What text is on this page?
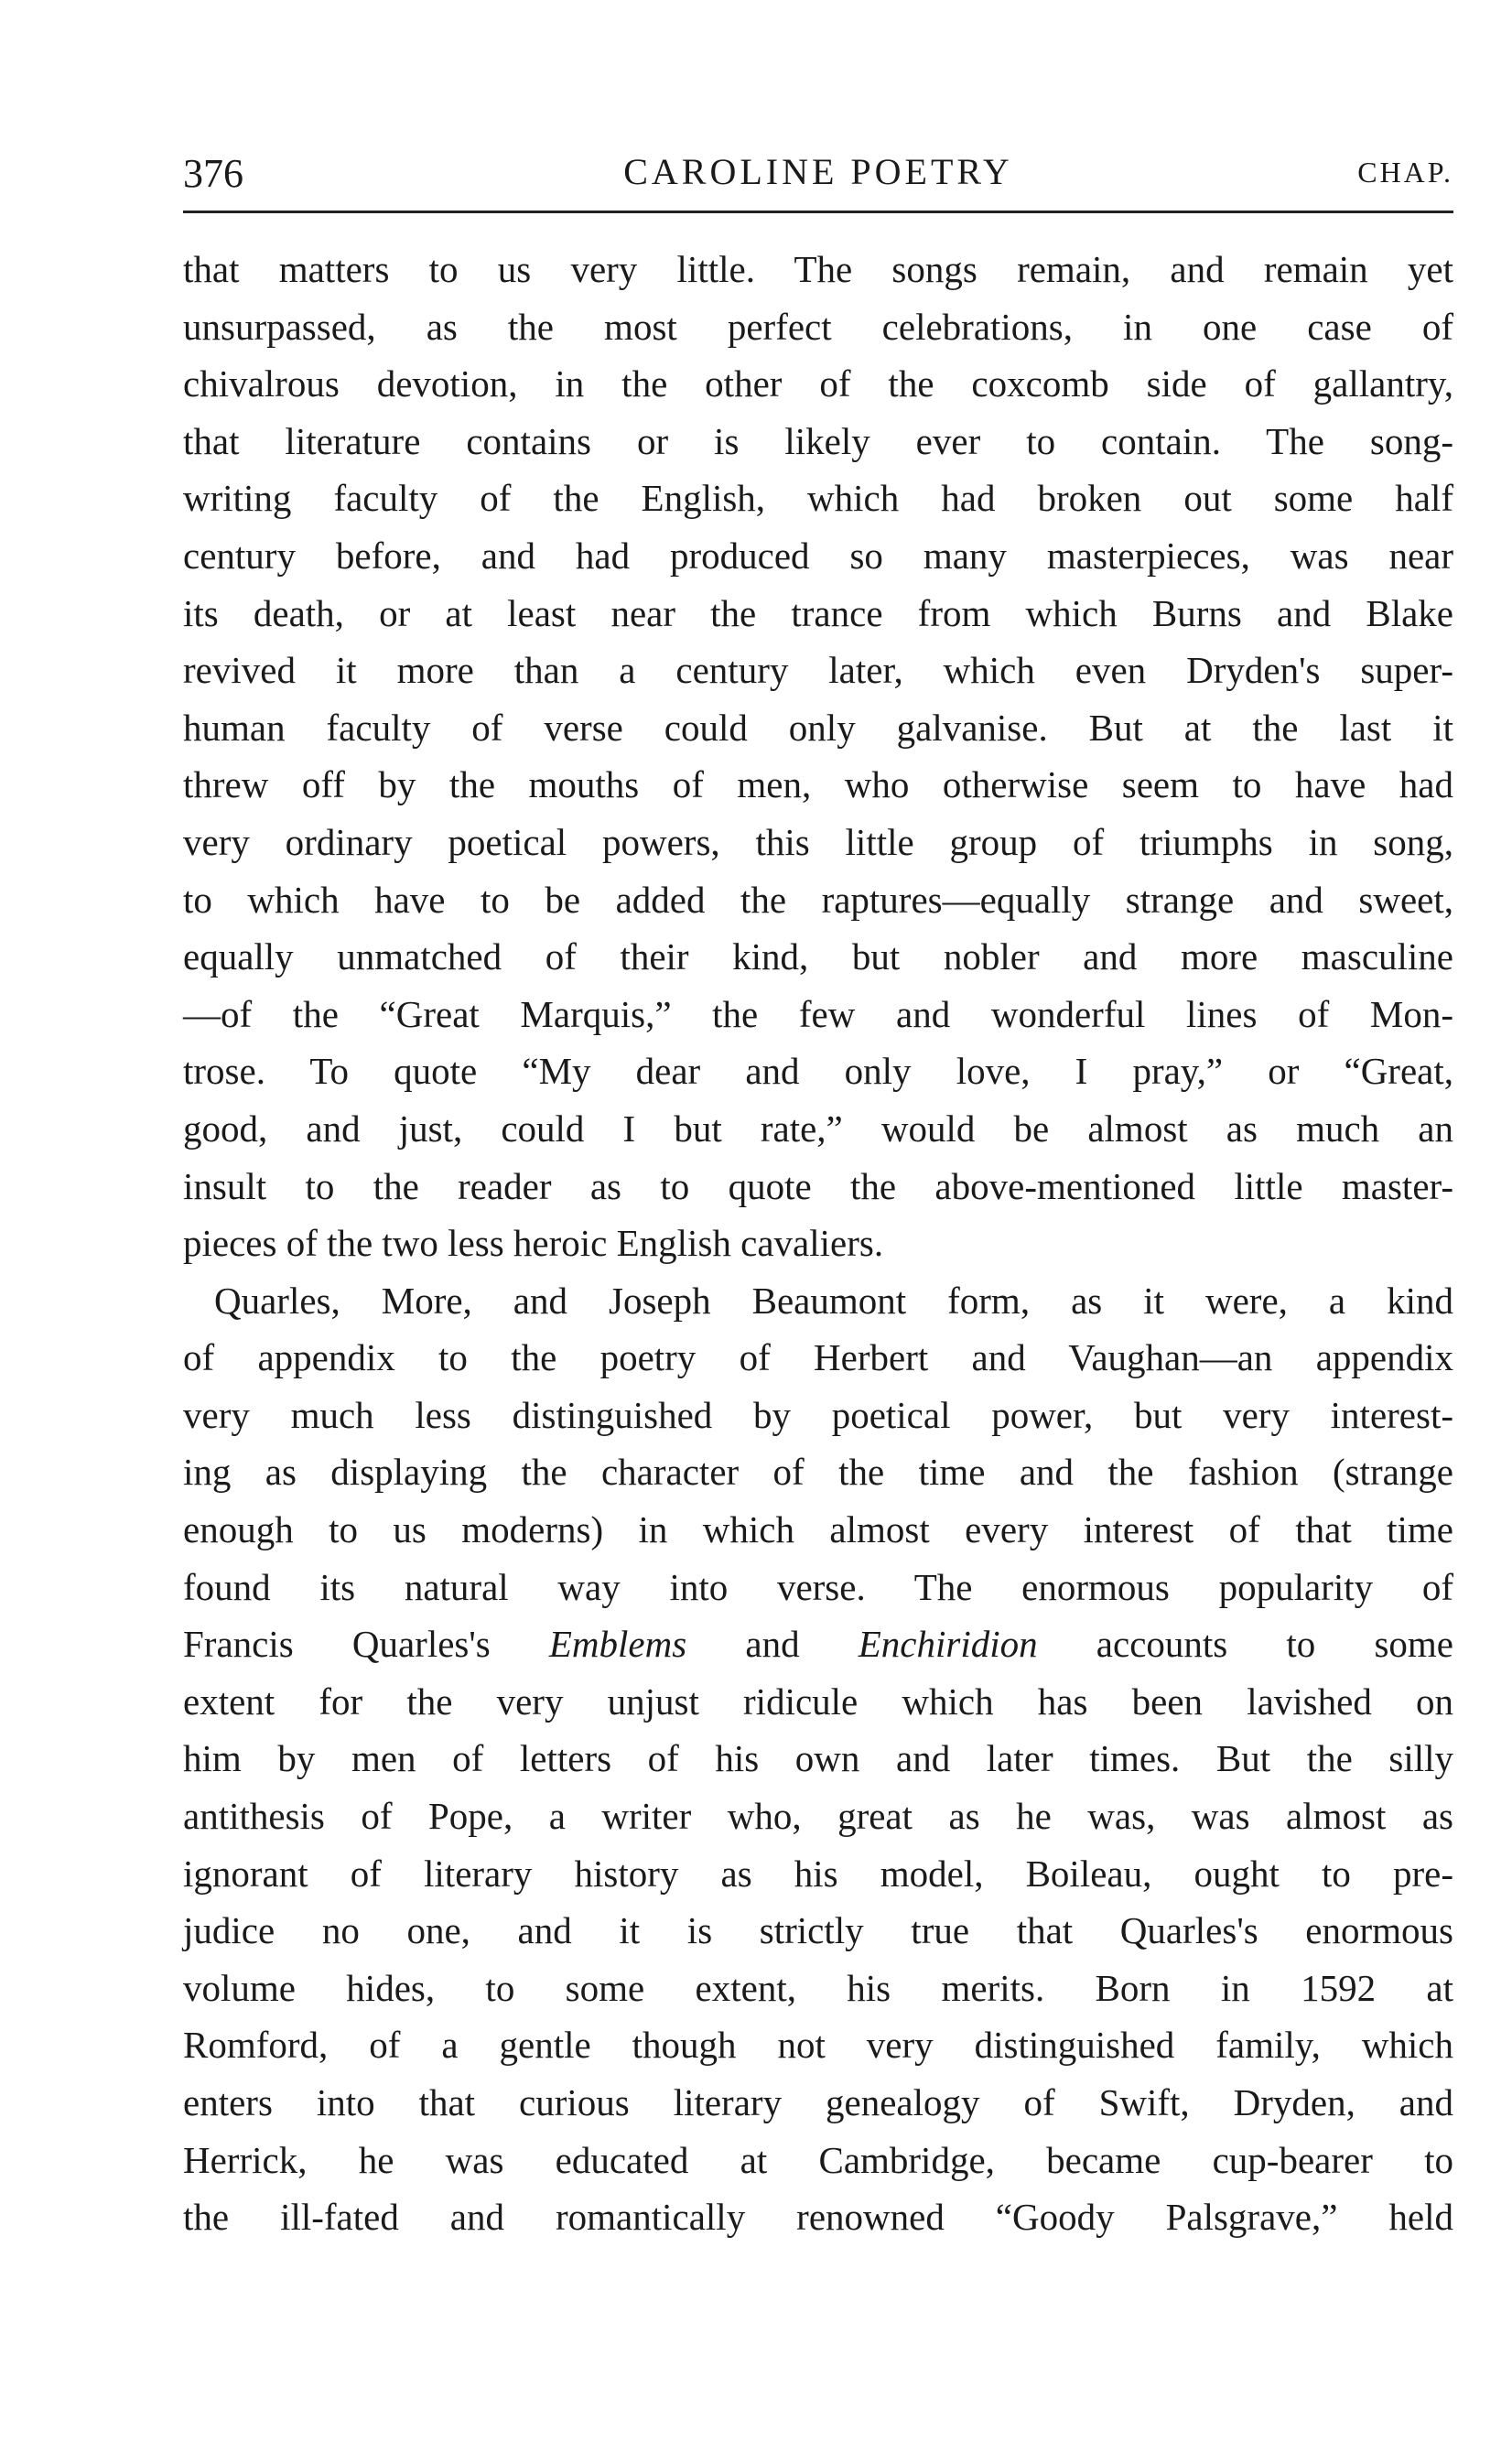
376	CAROLINE POETRY	CHAP.
that matters to us very little. The songs remain, and remain yet
unsurpassed, as the most perfect celebrations, in one case of
chivalrous devotion, in the other of the coxcomb side of gallantry,
that literature contains or is likely ever to contain. The song-
writing faculty of the English, which had broken out some half
century before, and had produced so many masterpieces, was near
its death, or at least near the trance from which Burns and Blake
revived it more than a century later, which even Dryden's super-
human faculty of verse could only galvanise. But at the last it
threw off by the mouths of men, who otherwise seem to have had
very ordinary poetical powers, this little group of triumphs in song,
to which have to be added the raptures—equally strange and sweet,
equally unmatched of their kind, but nobler and more masculine
—of the “Great Marquis,” the few and wonderful lines of Mon-
trose. To quote “My dear and only love, I pray,” or “Great,
good, and just, could I but rate,” would be almost as much an
insult to the reader as to quote the above-mentioned little master-
pieces of the two less heroic English cavaliers.
Quarles, More, and Joseph Beaumont form, as it were, a kind
of appendix to the poetry of Herbert and Vaughan—an appendix
very much less distinguished by poetical power, but very interest-
ing as displaying the character of the time and the fashion (strange
enough to us moderns) in which almost every interest of that time
found its natural way into verse. The enormous popularity of
Francis Quarles's Emblems and Enchiridion accounts to some
extent for the very unjust ridicule which has been lavished on
him by men of letters of his own and later times. But the silly
antithesis of Pope, a writer who, great as he was, was almost as
ignorant of literary history as his model, Boileau, ought to pre-
judice no one, and it is strictly true that Quarles's enormous
volume hides, to some extent, his merits. Born in 1592 at
Romford, of a gentle though not very distinguished family, which
enters into that curious literary genealogy of Swift, Dryden, and
Herrick, he was educated at Cambridge, became cup-bearer to
the ill-fated and romantically renowned “Goody Palsgrave,” held
